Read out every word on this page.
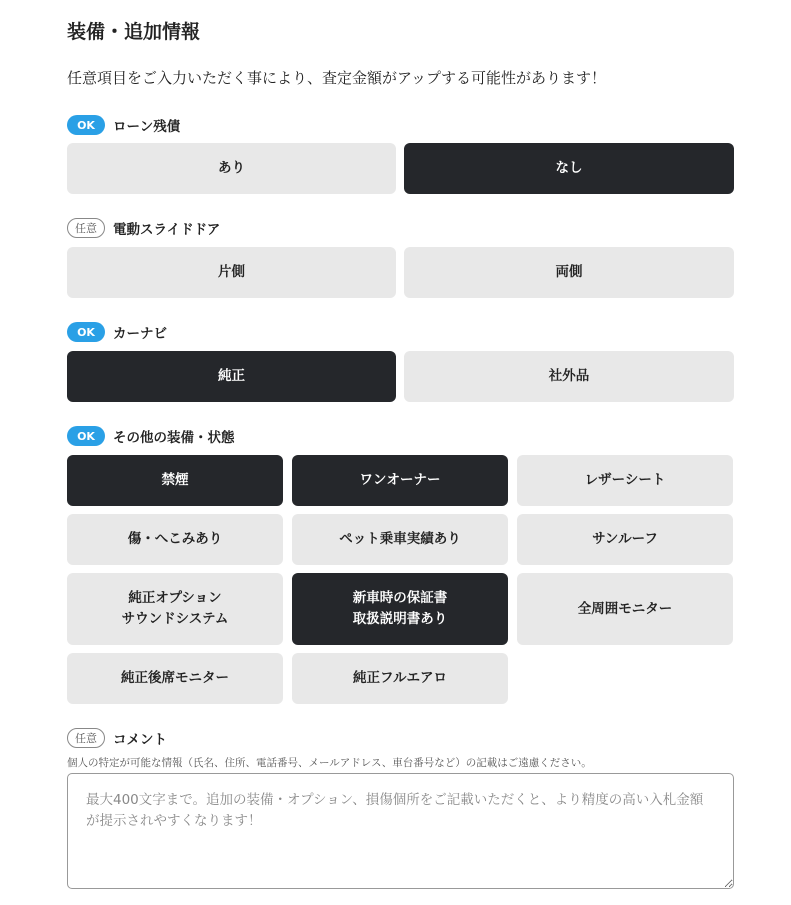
装備・追加情報
任意項目をご入力いただく事により、査定金額がアップする可能性があります！
OK	ローン残債
あり	なし
任意	電動スライドドア
片側	両側
OK	カーナビ
純正	社外品
OK	その他の装備・状態
禁煙	ワンオーナー	レザーシート
傷・へこみあり	ペット乗車実績あり	サンルーフ
純正オプション
サウンドシステム
新車時の保証書
取扱説明書あり
全周囲モニター
純正後席モニター	純正フルエアロ
任意	コメント
個人の特定が可能な情報（氏名、住所、電話番号、メールアドレス、車台番号など）の記載はご遠慮ください。
最大400文字まで。追加の装備・オプション、損傷個所をご記載いただくと、より精度の高い入札金額が提示されやすくなります！
